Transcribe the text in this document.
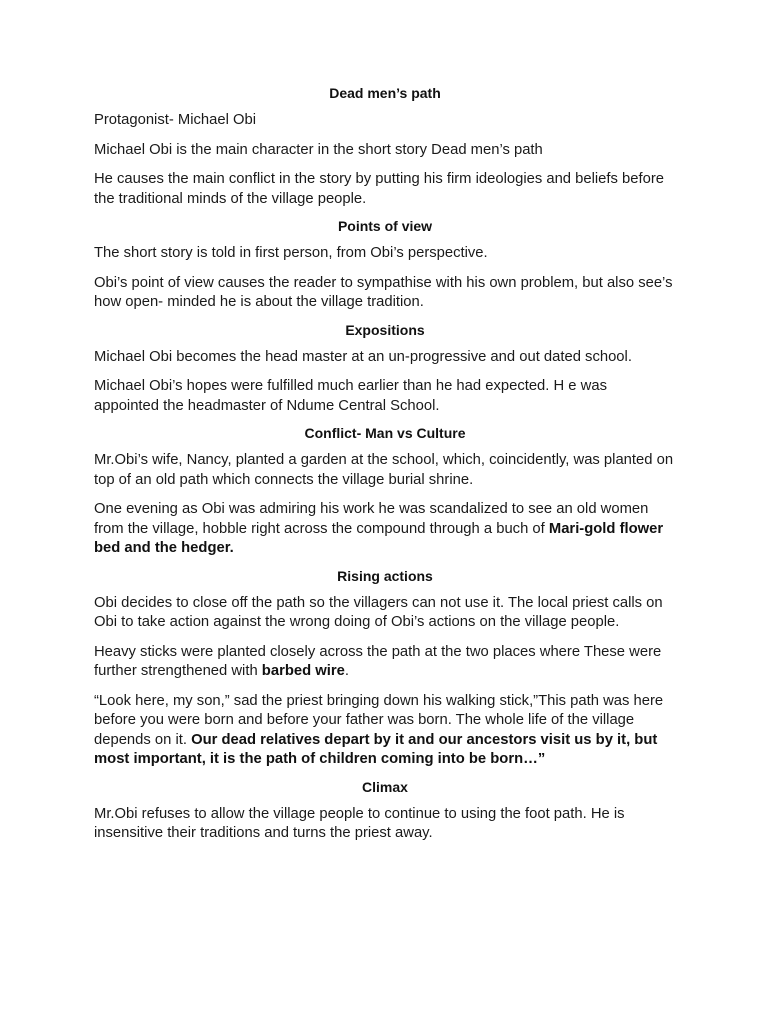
Dead men’s path

Protagonist- Michael Obi

Michael Obi is the main character in the short story Dead men’s path

He causes the main conflict in the story by putting his firm ideologies and beliefs before the traditional minds of the village people.

Points of view

The short story is told in first person, from Obi’s perspective.

Obi’s point of view causes the reader to sympathise with his own problem, but also see’s how open- minded he is about the village tradition.

Expositions

Michael Obi becomes the head master at an un-progressive and out dated school.

Michael Obi’s hopes were fulfilled much earlier than he had expected. H e was appointed the headmaster of Ndume Central School.

Conflict- Man vs Culture

Mr.Obi’s wife, Nancy, planted a garden at the school, which, coincidently, was planted on top of an old path which connects the village burial shrine.

One evening as Obi was admiring his work he was scandalized to see an old women from the village, hobble right across the compound through a buch of Mari-gold flower bed and the hedger.

Rising actions

Obi decides to close off the path so the villagers can not use it. The local priest calls on Obi to take action against the wrong doing of Obi’s actions on the village people.

Heavy sticks were planted closely across the path at the two places where These were further strengthened with barbed wire.

“Look here, my son,” sad the priest bringing down his walking stick,”This path was here before you were born and before your father was born. The whole life of the village depends on it. Our dead relatives depart by it and our ancestors visit us by it, but most important, it is the path of children coming into be born…”

Climax

Mr.Obi refuses to allow the village people to continue to using the foot path. He is insensitive their traditions and turns the priest away.
